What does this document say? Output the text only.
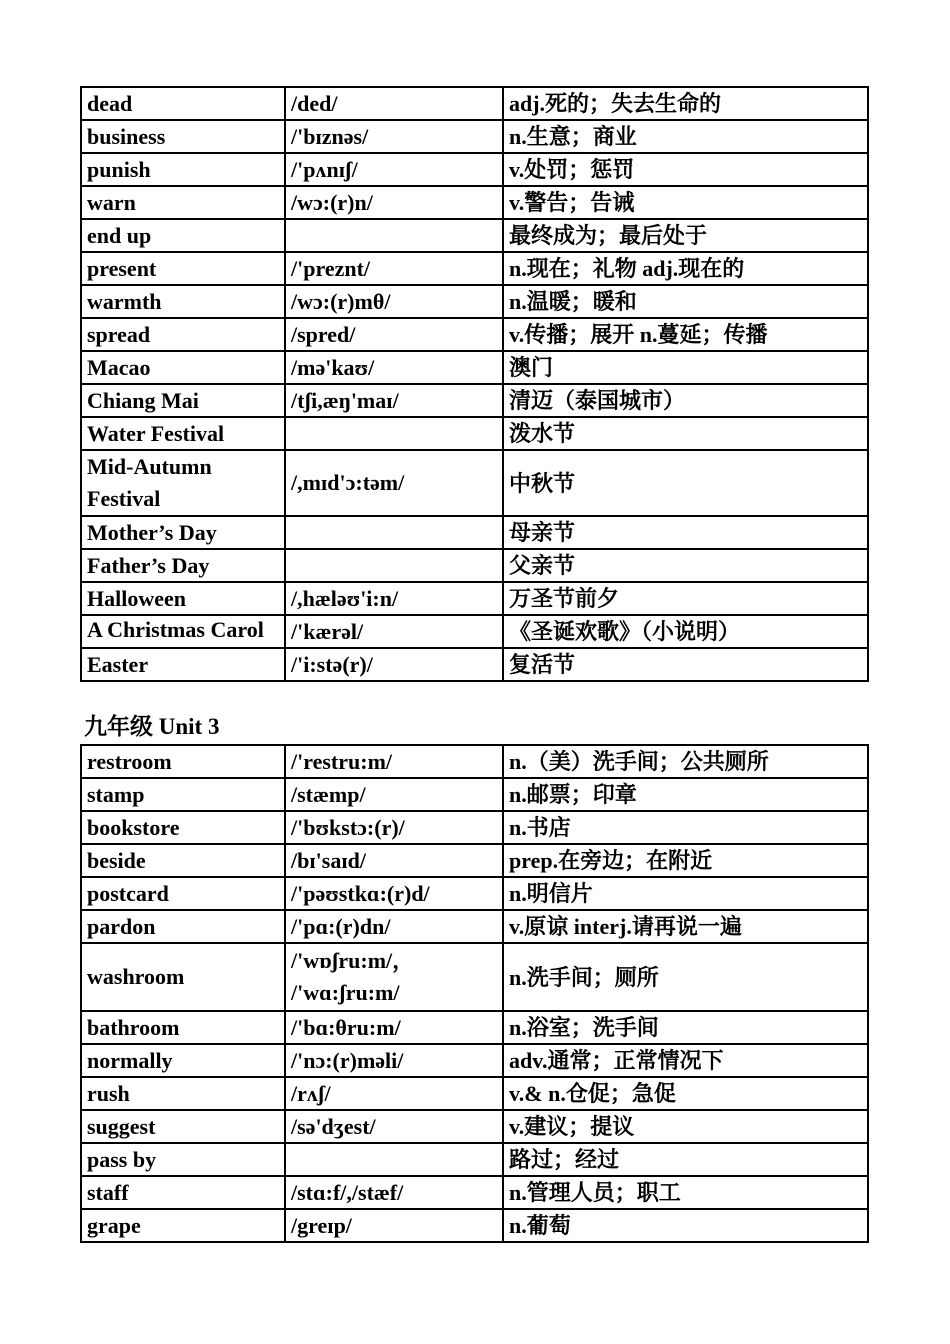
dead	/ded/	adj.死的；失去生命的
business	/'bɪznəs/	n.生意；商业
punish	/'pʌnɪʃ/	v.处罚；惩罚
warn	/wɔ:(r)n/	v.警告；告诫
end up		最终成为；最后处于
present	/'preznt/	n.现在；礼物 adj.现在的
warmth	/wɔ:(r)mθ/	n.温暖；暖和
spread	/spred/	v.传播；展开 n.蔓延；传播
Macao	/mə'kaʊ/	澳门
Chiang Mai	/tʃi,æŋ'maɪ/	清迈（泰国城市）
Water Festival		泼水节
Mid-Autumn Festival	/,mɪd'ɔ:təm/	中秋节
Mother’s Day		母亲节
Father’s Day		父亲节
Halloween	/,hæləʊ'i:n/	万圣节前夕

A Christmas Carol	/'kærəl/	《圣诞欢歌》（小说明）
Easter	/'i:stə(r)/	复活节
九年级 Unit 3
restroom	/'restru:m/	n.（美）洗手间；公共厕所
stamp	/stæmp/	n.邮票；印章
bookstore	/'bʊkstɔ:(r)/	n.书店
beside	/bɪ'saɪd/	prep.在旁边；在附近
postcard	/'pəʊstkɑ:(r)d/	n.明信片
pardon	/'pɑ:(r)dn/	v.原谅 interj.请再说一遍
washroom	/'wɒʃru:m/， /'wɑ:ʃru:m/	n.洗手间；厕所
bathroom	/'bɑ:θru:m/	n.浴室；洗手间
normally	/'nɔ:(r)məli/	adv.通常；正常情况下
rush	/rʌʃ/	v.& n.仓促；急促
suggest	/sə'dʒest/	v.建议；提议
pass by		路过；经过
staff	/stɑ:f/,/stæf/	n.管理人员；职工
grape	/greɪp/	n.葡萄
